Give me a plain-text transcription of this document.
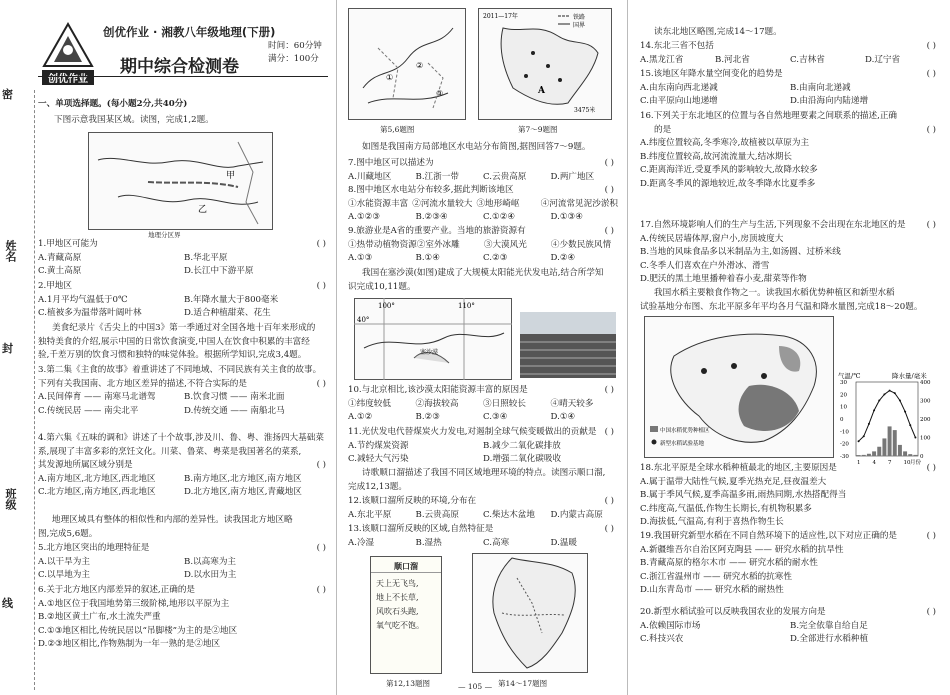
密
姓名
封
班级
线
创优作业
创优作业 · 湘教八年级地理(下册)
期中综合检测卷
时间：60分钟
满分：100分
一、单项选择题。(每小题2分,共40分)
下图示意我国某区域。读图，完成1,2题。
甲
乙
地理分区界
1.甲地区可能为	( )
A.青藏高原	B.华北平原
C.黄土高原	D.长江中下游平原
2.甲地区	( )
A.1月平均气温低于0℃	B.年降水量大于800毫米
C.植被多为温带落叶阔叶林	D.适合种植甜菜、花生
美食纪录片《舌尖上的中国3》第一季通过对全国各地十百年来形成的
独特美食的介绍,展示中国的日常饮食演变,中国人在饮食中积累的丰富经
验,千差万别的饮食习惯和独特的味觉体验。根据所学知识,完成3,4题。
3.第二集《主食的故事》着重讲述了不同地域、不同民族有关主食的故事。
下列有关我国南、北方地区差异的描述,不符合实际的是	( )
A.民间俸育 —— 南寒马北谱驾	B.饮食习惯 —— 南米北面
C.传统民居 —— 南尖北平	D.传统交通 —— 南船北马
4.第六集《五味的调和》讲述了十个故事,涉及川、鲁、粤、淮扬四大基础菜
系,展现了丰富多彩的烹饪文化。川菜、鲁菜、粤菜是我国著名的菜系,
其发源地所属区域分别是	( )
A.南方地区,北方地区,西北地区	B.南方地区,北方地区,南方地区
C.北方地区,南方地区,西北地区	D.北方地区,南方地区,青藏地区
地理区域具有整体的相似性和内部的差异性。读我国北方地区略
图,完成5,6题。
5.北方地区突出的地理特征是	( )
A.以干旱为主	B.以高寒为主
C.以旱地为主	D.以水田为主
6.关于北方地区内部差异的叙述,正确的是	( )
A.①地区位于我国地势第三级阶梯,地形以平原为主
B.②地区黄土广布,水土流失严重
C.①③地区相比,传统民居以“吊脚楼”为主的是②地区
D.②③地区相比,作物熟制为一年一熟的是②地区
①
②
③	A
铁路
国界
2011—17年
3475米
第5,6题图	第7～9题图
如图是我国南方局部地区水电站分布简图,据图回答7～9题。
7.图中地区可以描述为	( )
A.川藏地区	B.江浙一带	C.云贵高原	D.两广地区
8.图中地区水电站分布较多,据此判断该地区	( )
①水能资源丰富 ②河流水量较大 ③地形崎岖	④河流常见泥沙淤积
A.①②③	B.②③④	C.①②④	D.①③④
9.旅游业是A省的重要产业。当地的旅游资源有	( )
①热带动植物资源 ②室外冰雕	③大漠风光	④少数民族风情
A.①③	B.①④	C.②③	D.②④
我国在塞沙漠(如图)建成了大规模太阳能光伏发电站,结合所学知
识完成10,11题。
100°	110°
40°
塞沙漠
10.与北京相比,该沙漠太阳能资源丰富的原因是	( )
①纬度较低	②海拔较高	③日照较长	④晴天较多
A.①②	B.②③	C.③④	D.①④
11.光伏发电代替煤炭火力发电,对遏制全球气候变暖做出的贡献是 ( )
A.节约煤炭资源	B.减少二氧化碳排放
C.减轻大气污染	D.增强二氧化碳吸收
诗歌顺口溜描述了我国不同区域地理环境的特点。读图示顺口溜,
完成12,13题。
12.该顺口溜所反映的环境,分布在	( )
A.东北平原	B.云贵高原	C.柴达木盆地	D.内蒙古高原
13.该顺口溜所反映的区域,自然特征是	( )
A.冷湿	B.湿热	C.高寒	D.温暖
顺口溜
天上无飞鸟,
地上不长草,
风吹石头跑,
氧气吃不饱。
第12,13题图	第14～17题图
— 105 —
读东北地区略图,完成14～17题。
14.东北三省不包括	( )
A.黑龙江省	B.河北省	C.吉林省	D.辽宁省
15.该地区年降水量空间变化的趋势是	( )
A.由东南向西北递减	B.由南向北递减
C.由平原向山地递增	D.由沿海向内陆递增
16.下列关于东北地区的位置与各自然地理要素之间联系的描述,正确
的是	( )
A.纬度位置较高,冬季寒冷,故植被以草原为主
B.纬度位置较高,故河流流量大,结冰期长
C.距离海洋近,受夏季风的影响较大,故降水较多
D.距离冬季风的源地较近,故冬季降水比夏季多
17.自然环境影响人们的生产与生活,下列现象不会出现在东北地区的是 ( )
A.传统民居墙体厚,窗户小,房顶坡度大
B.当地的风味食品多以米制品为主,如汤圆、过桥米线
C.冬季人们喜欢在户外滑冰、滑雪
D.肥沃的黑土地里播种着春小麦,甜菜等作物
我国水稻主要粮食作物之一。读我国水稻优势种植区和新型水稻
试验基地分布图、东北平原多年平均各月气温和降水量图,完成18～20题。
中国水稻优势种植区
新型水稻试验基地
气温/℃	降水量/毫米
30
20
10
0
-10
-20
-30
400
300
200
100
0
1 4 7 10 月份
18.东北平原是全球水稻种植最北的地区,主要原因是	( )
A.属于温带大陆性气候,夏季光热充足,昼夜温差大
B.属于季风气候,夏季高温多雨,雨热同期,水热搭配得当
C.纬度高,气温低,作物生长期长,有机物积累多
D.海拔低,气温高,有利于喜热作物生长
19.我国研究新型水稻在不同自然环境下的适应性,以下对应正确的是	( )
A.新疆维吾尔自治区阿克陶县 —— 研究水稻的抗旱性
B.青藏高原的格尔木市 —— 研究水稻的耐水性
C.浙江省温州市 —— 研究水稻的抗寒性
D.山东青岛市 —— 研究水稻的耐热性
20.新型水稻试验可以反映我国农业的发展方向是	( )
A.依赖国际市场	B.完全依靠自给自足
C.科技兴农	D.全部进行水稻种植
